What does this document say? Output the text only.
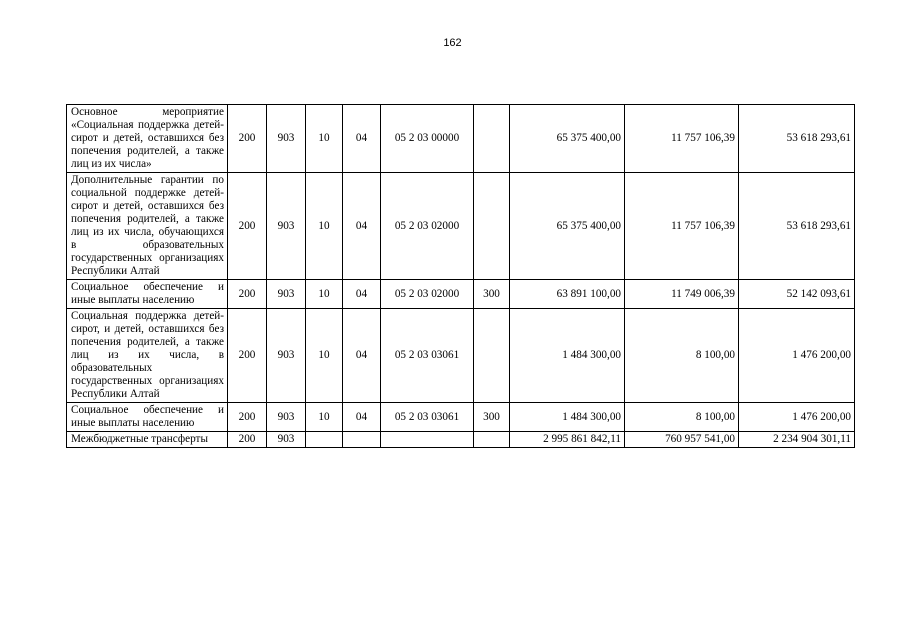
162
Основное мероприятие «Социальная поддержка детей-сирот и детей, оставшихся без попечения родителей, а также лиц из их числа»	200	903	10	04	05 2 03 00000		65 375 400,00	11 757 106,39	53 618 293,61
Дополнительные гарантии по социальной поддержке детей-сирот и детей, оставшихся без попечения родителей, а также лиц из их числа, обучающихся в образовательных государственных организациях Республики Алтай	200	903	10	04	05 2 03 02000		65 375 400,00	11 757 106,39	53 618 293,61
Социальное обеспечение и иные выплаты населению	200	903	10	04	05 2 03 02000	300	63 891 100,00	11 749 006,39	52 142 093,61
Социальная поддержка детей-сирот, и детей, оставшихся без попечения родителей, а также лиц из их числа, в образовательных государственных организациях Республики Алтай	200	903	10	04	05 2 03 03061		1 484 300,00	8 100,00	1 476 200,00
Социальное обеспечение и иные выплаты населению	200	903	10	04	05 2 03 03061	300	1 484 300,00	8 100,00	1 476 200,00
Межбюджетные трансферты	200	903					2 995 861 842,11	760 957 541,00	2 234 904 301,11
